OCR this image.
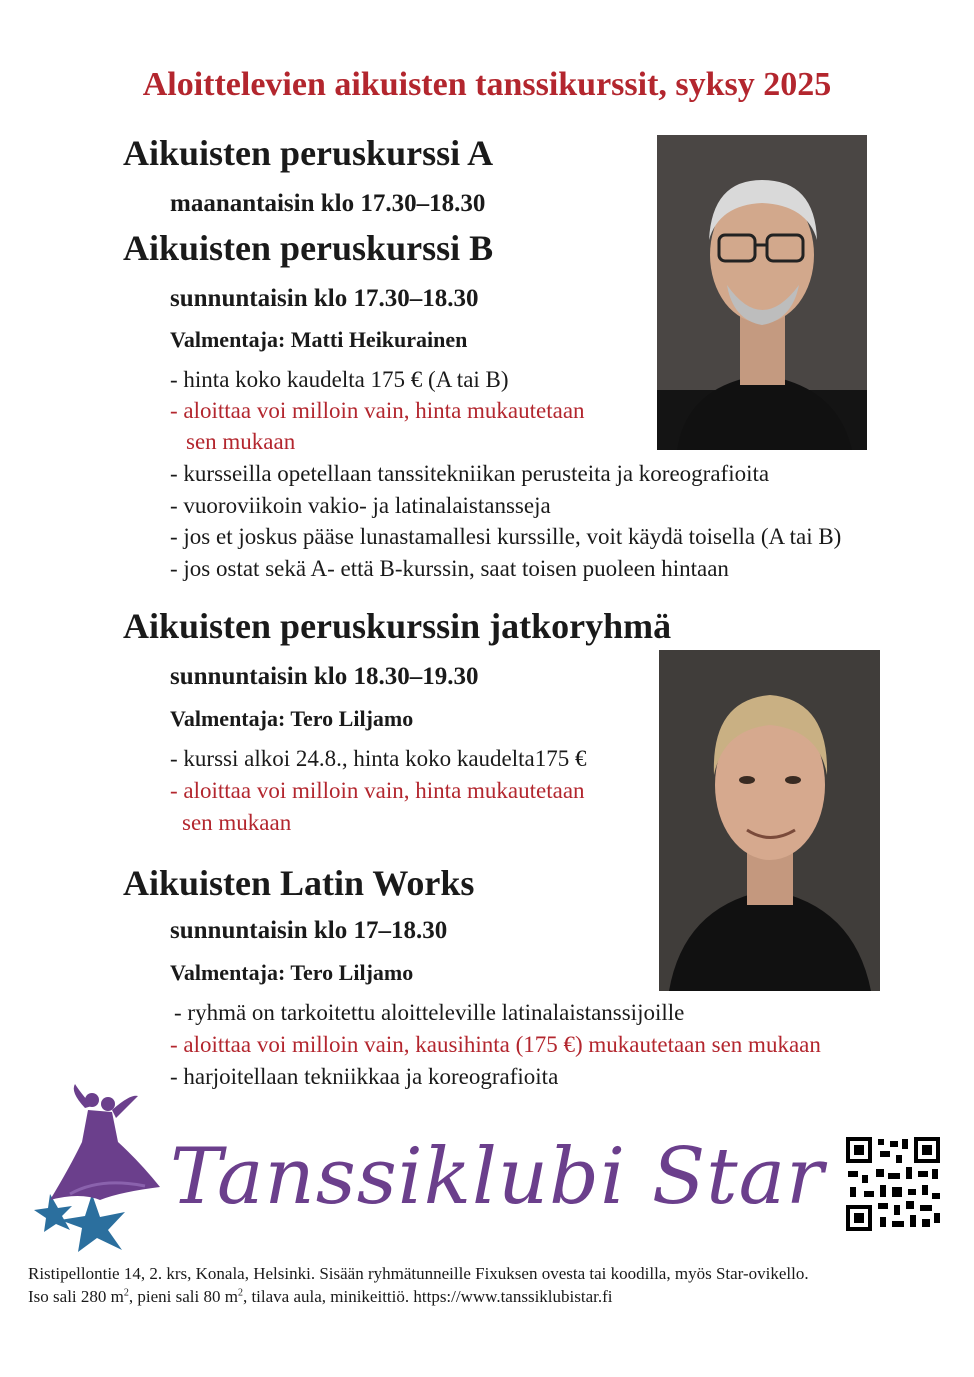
Aloittelevien aikuisten tanssikurssit, syksy 2025
Aikuisten peruskurssi A
maanantaisin klo 17.30–18.30
Aikuisten peruskurssi B
sunnuntaisin klo 17.30–18.30
Valmentaja: Matti Heikurainen
- hinta koko kaudelta 175 € (A tai B)
- aloittaa voi milloin vain, hinta mukautetaan
sen mukaan
- kursseilla opetellaan tanssitekniikan perusteita ja koreografioita
- vuoroviikoin vakio- ja latinalaistansseja
- jos et joskus pääse lunastamallesi kurssille, voit käydä toisella (A tai B)
- jos ostat sekä A- että B-kurssin, saat toisen puoleen hintaan
Aikuisten peruskurssin jatkoryhmä
sunnuntaisin klo 18.30–19.30
Valmentaja: Tero Liljamo
- kurssi alkoi 24.8., hinta koko kaudelta175 €
- aloittaa voi milloin vain, hinta mukautetaan
sen mukaan
Aikuisten Latin Works
sunnuntaisin klo 17–18.30
Valmentaja: Tero Liljamo
- ryhmä on tarkoitettu aloitteleville latinalaistanssijoille
- aloittaa voi milloin vain, kausihinta (175 €) mukautetaan sen mukaan
- harjoitellaan tekniikkaa ja koreografioita
Tanssiklubi Star
Ristipellontie 14, 2. krs, Konala, Helsinki. Sisään ryhmätunneille Fixuksen ovesta tai koodilla, myös Star-ovikello.
Iso sali 280 $m^2$, pieni sali 80 $m^2$, tilava aula, minikeittiö. https://www.tanssiklubistar.fi
